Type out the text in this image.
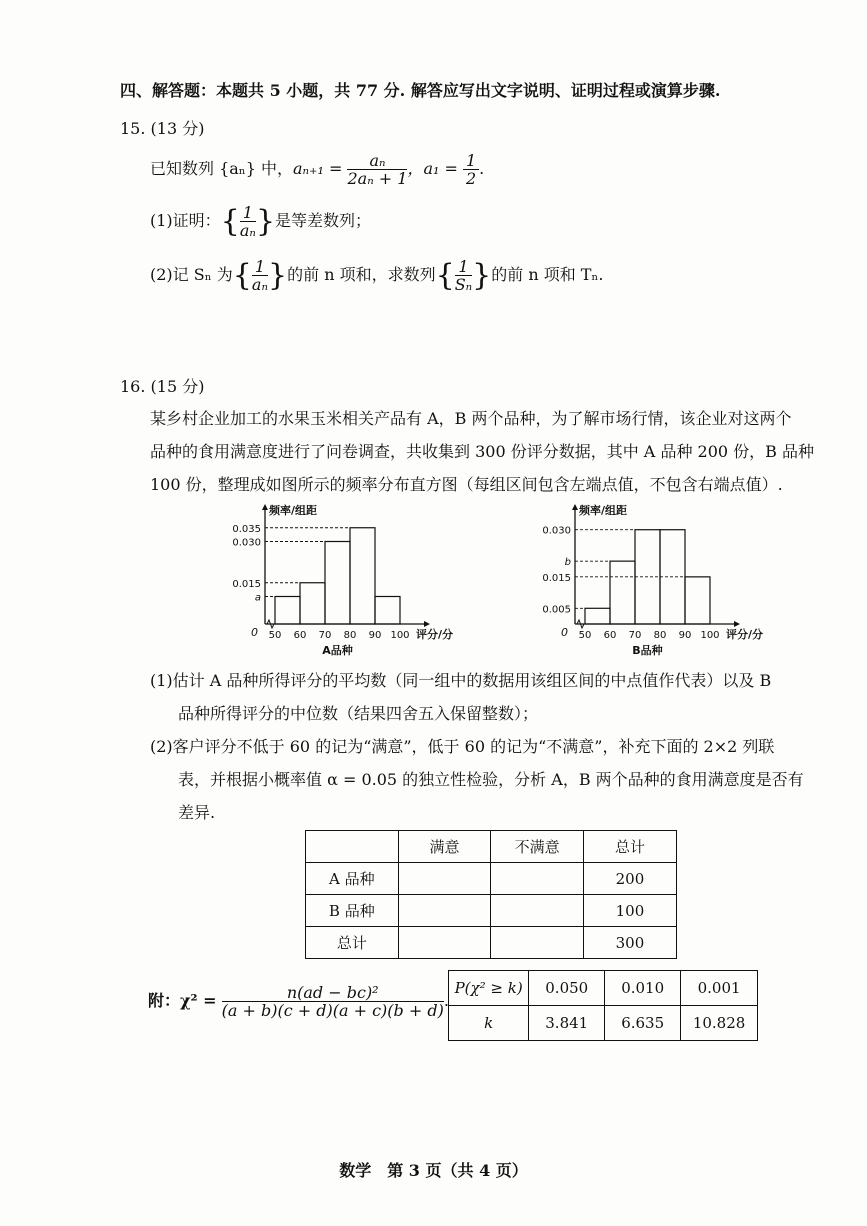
四、解答题：本题共 5 小题，共 77 分. 解答应写出文字说明、证明过程或演算步骤.
15. (13 分)
已知数列 {aₙ} 中，$a_{n+1} = \frac{\text{aₙ}}{\text{2aₙ + 1}}$ ，$a_1 = \frac{1}{2}$ .
(1)证明：{ $\frac{1}{\text{aₙ}}$ }是等差数列；
(2)记 Sₙ 为{ $\frac{1}{\text{aₙ}}$ }的前 n 项和，求数列{ $\frac{1}{\text{Sₙ}}$ }的前 n 项和 Tₙ.
16. (15 分)
某乡村企业加工的水果玉米相关产品有 A，B 两个品种，为了解市场行情，该企业对这两个
品种的食用满意度进行了问卷调查，共收集到 300 份评分数据，其中 A 品种 200 份，B 品种
100 份，整理成如图所示的频率分布直方图（每组区间包含左端点值，不包含右端点值）.
a
0.015
0.030
0.035
50 60 70 80 90 100
0
频率/组距
评分/分
A品种
0.005
b
0.030
0.015
50 60 70 80 90 100
0
频率/组距
评分/分
B品种
(1)估计 A 品种所得评分的平均数（同一组中的数据用该组区间的中点值作代表）以及 B
品种所得评分的中位数（结果四舍五入保留整数）；
(2)客户评分不低于 60 的记为“满意”，低于 60 的记为“不满意”，补充下面的 2×2 列联
表，并根据小概率值 α = 0.05 的独立性检验，分析 A，B 两个品种的食用满意度是否有
差异.
	满意	不满意	总计
A 品种			200
B 品种			100
总计			300
附：$\chi^2 = \frac{\text{n(ad − bc)²}}{(a + b)(c + d)(a + c)(b + d)}$ .
P(χ² ≥ k)	0.050	0.010	0.001
k	3.841	6.635	10.828
数学　第 3 页（共 4 页）
